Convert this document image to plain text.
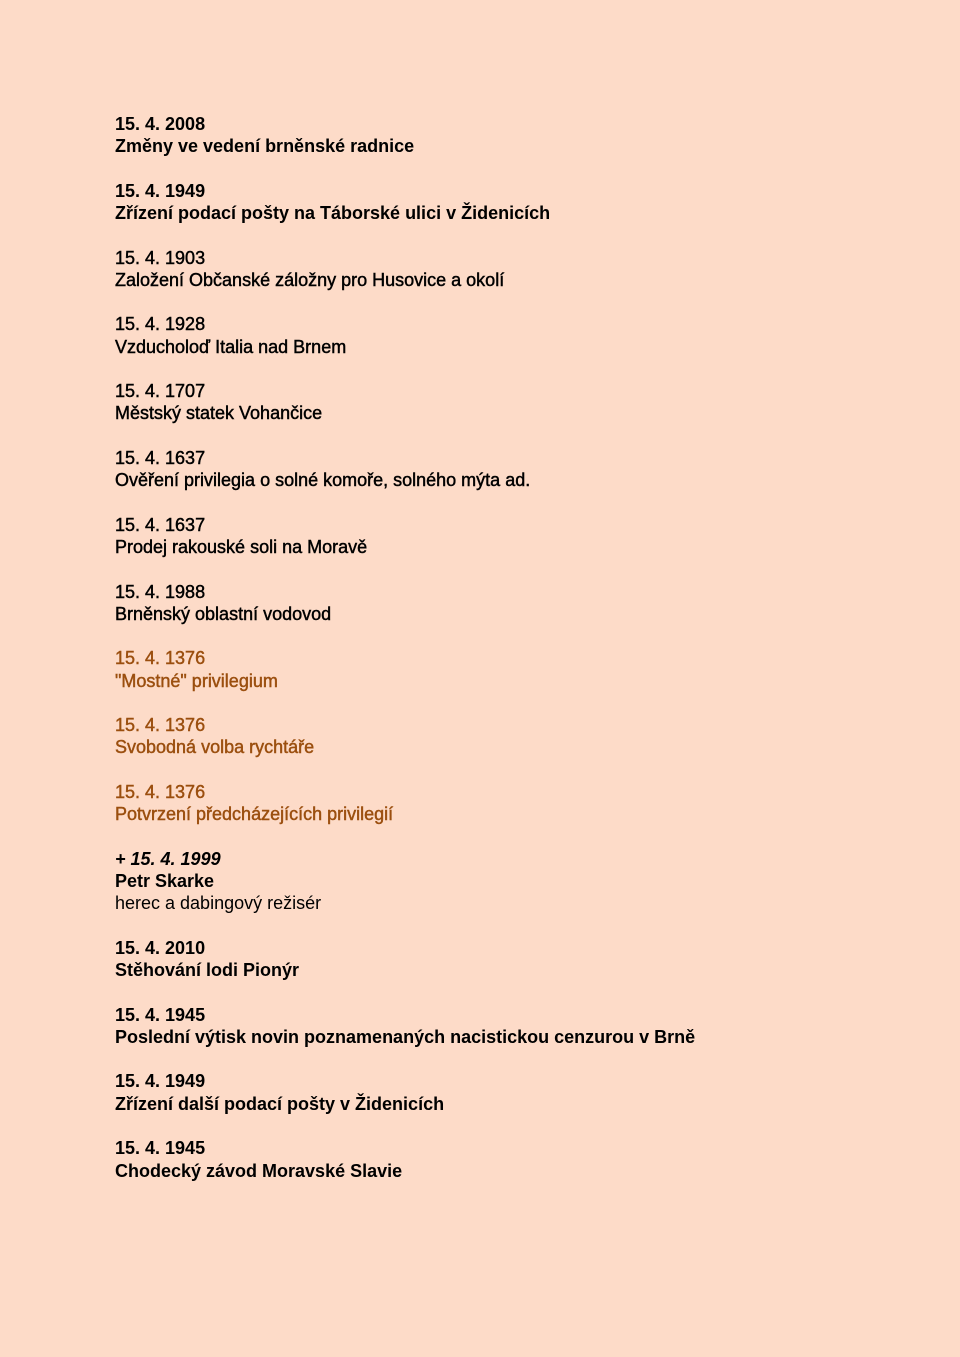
15. 4. 2008
Změny ve vedení brněnské radnice
15. 4. 1949
Zřízení podací pošty na Táborské ulici v Židenicích
15. 4. 1903
Založení Občanské záložny pro Husovice a okolí
15. 4. 1928
Vzducholoď Italia nad Brnem
15. 4. 1707
Městský statek Vohančice
15. 4. 1637
Ověření privilegia o solné komoře, solného mýta ad.
15. 4. 1637
Prodej rakouské soli na Moravě
15. 4. 1988
Brněnský oblastní vodovod
15. 4. 1376
"Mostné" privilegium
15. 4. 1376
Svobodná volba rychtáře
15. 4. 1376
Potvrzení předcházejících privilegií
+ 15. 4. 1999
Petr Skarke
herec a dabingový režisér
15. 4. 2010
Stěhování lodi Pionýr
15. 4. 1945
Poslední výtisk novin poznamenaných nacistickou cenzurou v Brně
15. 4. 1949
Zřízení další podací pošty v Židenicích
15. 4. 1945
Chodecký závod Moravské Slavie
